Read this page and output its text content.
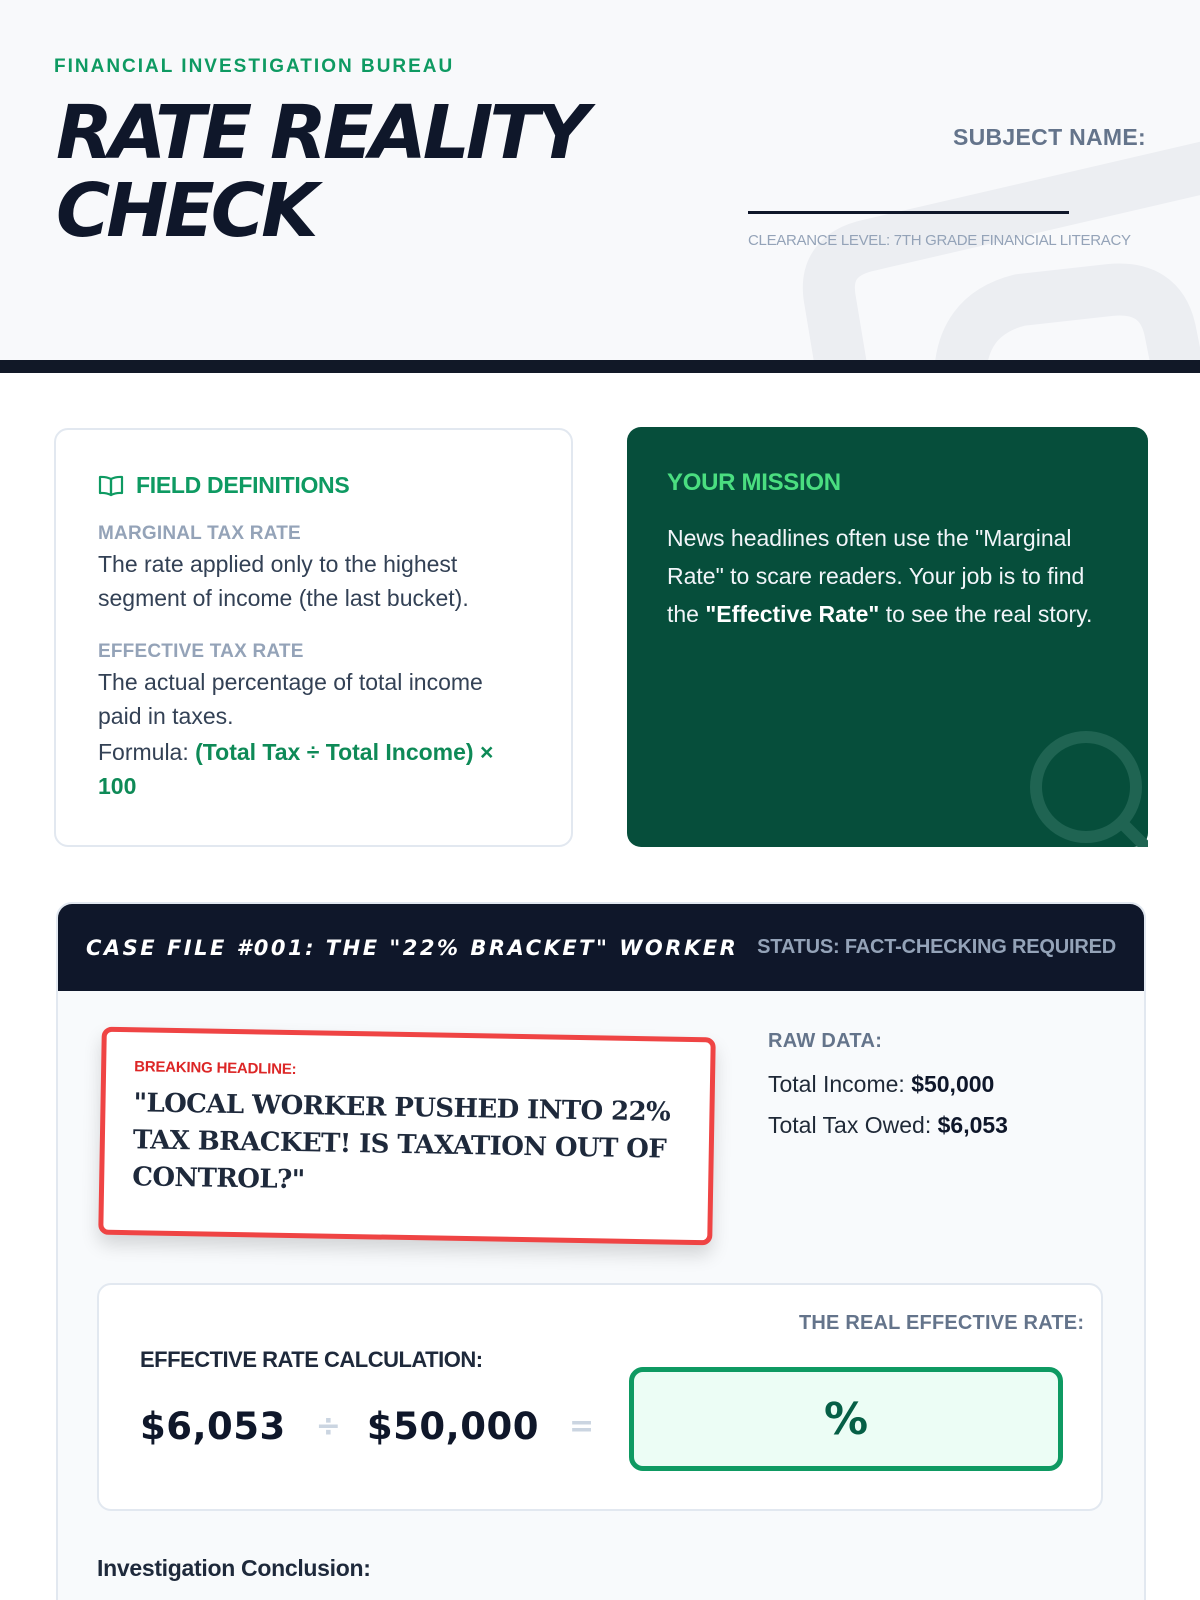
FINANCIAL INVESTIGATION BUREAU
RATE REALITY
CHECK
SUBJECT NAME:
CLEARANCE LEVEL: 7TH GRADE FINANCIAL LITERACY
FIELD DEFINITIONS
MARGINAL TAX RATE
The rate applied only to the highest segment of income (the last bucket).
EFFECTIVE TAX RATE
The actual percentage of total income paid in taxes.
Formula: (Total Tax ÷ Total Income) × 100
YOUR MISSION

News headlines often use the "Marginal Rate" to scare readers. Your job is to find the "Effective Rate" to see the real story.

CASE FILE #001: THE "22% BRACKET" WORKER STATUS: FACT-CHECKING REQUIRED
BREAKING HEADLINE:
"LOCAL WORKER PUSHED INTO 22% TAX BRACKET! IS TAXATION OUT OF CONTROL?"
RAW DATA:
Total Income: $50,000
Total Tax Owed: $6,053
EFFECTIVE RATE CALCULATION:
$6,053 ÷ $50,000 =
THE REAL EFFECTIVE RATE:
%
Investigation Conclusion:
